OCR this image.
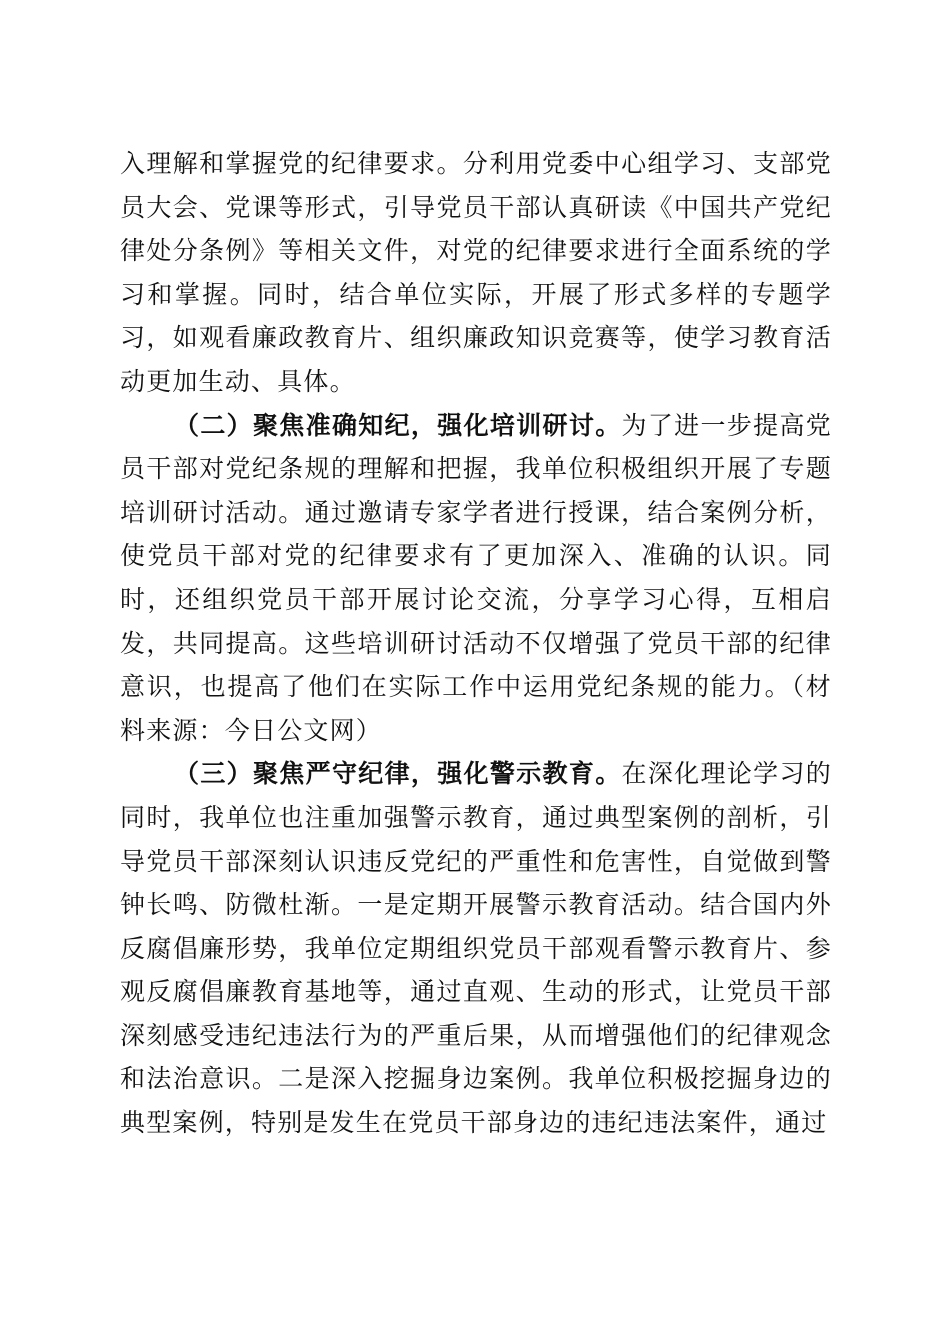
入理解和掌握党的纪律要求。分利用党委中心组学习、支部党员大会、党课等形式，引导党员干部认真研读《中国共产党纪律处分条例》等相关文件，对党的纪律要求进行全面系统的学习和掌握。同时，结合单位实际，开展了形式多样的专题学习，如观看廉政教育片、组织廉政知识竞赛等，使学习教育活动更加生动、具体。

（二）聚焦准确知纪，强化培训研讨。为了进一步提高党员干部对党纪条规的理解和把握，我单位积极组织开展了专题培训研讨活动。通过邀请专家学者进行授课，结合案例分析，使党员干部对党的纪律要求有了更加深入、准确的认识。同时，还组织党员干部开展讨论交流，分享学习心得，互相启发，共同提高。这些培训研讨活动不仅增强了党员干部的纪律意识，也提高了他们在实际工作中运用党纪条规的能力。（材料来源：今日公文网）

（三）聚焦严守纪律，强化警示教育。在深化理论学习的同时，我单位也注重加强警示教育，通过典型案例的剖析，引导党员干部深刻认识违反党纪的严重性和危害性，自觉做到警钟长鸣、防微杜渐。一是定期开展警示教育活动。结合国内外反腐倡廉形势，我单位定期组织党员干部观看警示教育片、参观反腐倡廉教育基地等，通过直观、生动的形式，让党员干部深刻感受违纪违法行为的严重后果，从而增强他们的纪律观念和法治意识。二是深入挖掘身边案例。我单位积极挖掘身边的典型案例，特别是发生在党员干部身边的违纪违法案件，通过
